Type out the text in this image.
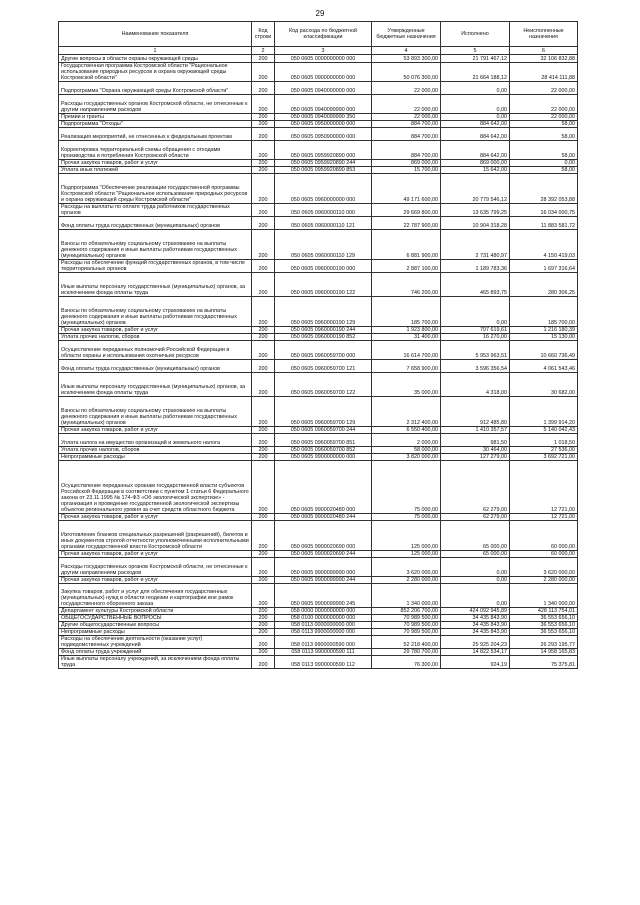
29
Наименование показателя	Код строки	Код расхода по бюджетной классификации	Утвержденные бюджетные назначения	Исполнено	Неисполненные назначения
1	2	3	4	5	6
Другие вопросы в области охраны окружающей среды	200	050 0605 0000000000 000	53 893 300,00	21 791 467,12	32 106 832,88
Государственная программа Костромской области "Рациональное использование природных ресурсов и охрана окружающей среды Костромской области"	200	050 0605 0900000000 000	50 076 300,00	21 664 188,12	28 414 111,88
Подпрограмма "Охрана окружающей среды Костромской области"	200	050 0605 0940000000 000	22 000,00	0,00	22 000,00
Расходы государственных органов Костромской области, не отнесенные к другим направлениям расходов	200	050 0605 0940099990 000	22 000,00	0,00	22 000,00
Премии и гранты	200	050 0605 0940099990 350	22 000,00	0,00	22 000,00
Подпрограмма "Отходы"	200	050 0605 0950000000 000	884 700,00	884 642,00	58,00
Реализация мероприятий, не отнесенных к федеральным проектам	200	050 0605 0950900000 000	884 700,00	884 642,00	58,00
Корректировка территориальной схемы обращения с отходами производства и потребления Костромской области	200	050 0605 0959920890 000	884 700,00	884 642,00	58,00
Прочая закупка товаров, работ и услуг	200	050 0605 0959920890 244	869 000,00	869 000,00	0,00
Уплата иных платежей	200	050 0605 0959920890 853	15 700,00	15 642,00	58,00
Подпрограмма "Обеспечение реализации государственной программы Костромской области "Рациональное использование природных ресурсов и охрана окружающей среды Костромской области"	200	050 0605 0960000000 000	49 171 600,00	20 779 546,12	28 392 053,88
Расходы на выплаты по оплате труда работников государственных органов	200	050 0605 0960000110 000	29 669 800,00	13 635 799,25	16 034 000,75
Фонд оплаты труда государственных (муниципальных) органов	200	050 0605 0960000110 121	22 787 900,00	10 904 318,28	11 883 581,72
Взносы по обязательному социальному страхованию на выплаты денежного содержания и иные выплаты работникам государственных (муниципальных) органов	200	050 0605 0960000110 129	6 881 900,00	2 731 480,97	4 150 419,03
Расходы на обеспечение функций государственных органов, в том числе территориальных органов	200	050 0605 0960000190 000	2 887 100,00	1 189 783,36	1 697 316,64
Иные выплаты персоналу государственных (муниципальных) органов, за исключением фонда оплаты труда	200	050 0605 0960000190 122	746 200,00	465 893,75	280 306,25
Взносы по обязательному социальному страхованию на выплаты денежного содержания и иные выплаты работникам государственных (муниципальных) органов	200	050 0605 0960000190 129	185 700,00	0,00	185 700,00
Прочая закупка товаров, работ и услуг	200	050 0605 0960000190 244	1 923 800,00	707 619,61	1 216 180,39
Уплата прочих налогов, сборов	200	050 0605 0960000190 852	31 400,00	16 270,00	15 130,00
Осуществление переданных полномочий Российской Федерации в области охраны и использования охотничьих ресурсов	200	050 0605 0960059700 000	16 614 700,00	5 953 963,51	10 660 736,49
Фонд оплаты труда государственных (муниципальных) органов	200	050 0605 0960059700 121	7 658 900,00	3 596 356,54	4 061 543,46
Иные выплаты персоналу государственных (муниципальных) органов, за исключением фонда оплаты труда	200	050 0605 0960059700 122	35 000,00	4 318,00	30 682,00
Взносы по обязательному социальному страхованию на выплаты денежного содержания и иные выплаты работникам государственных (муниципальных) органов	200	050 0605 0960059700 129	2 312 400,00	912 485,80	1 399 914,20
Прочая закупка товаров, работ и услуг	200	050 0605 0960059700 244	6 550 400,00	1 410 357,57	5 140 042,43
Уплата налога на имущество организаций и земельного налога	200	050 0605 0960059700 851	2 000,00	981,50	1 018,50
Уплата прочих налогов, сборов	200	050 0605 0960059700 852	58 000,00	30 464,00	27 536,00
Непрограммные расходы	200	050 0605 9900000000 000	3 820 000,00	127 279,00	3 692 721,00
Осуществление переданных органам государственной власти субъектов Российской Федерации в соответствии с пунктом 1 статьи 6 Федерального закона от 23.11.1995 № 174-ФЗ «Об экологической экспертизе» - организация и проведение государственной экологической экспертизы объектов регионального уровня за счет средств областного бюджета	200	050 0605 9900020480 000	75 000,00	62 279,00	12 721,00
Прочая закупка товаров, работ и услуг	200	050 0605 9900020480 244	75 000,00	62 279,00	12 721,00
Изготовление бланков специальных разрешений (разрешений), билетов и иных документов строгой отчетности уполномоченными исполнительными органами государственной власти Костромской области	200	050 0605 9900020690 000	125 000,00	65 000,00	60 000,00
Прочая закупка товаров, работ и услуг	200	050 0605 9900020690 244	125 000,00	65 000,00	60 000,00
Расходы государственных органов Костромской области, не отнесенные к другим направлениям расходов	200	050 0605 9900099990 000	3 620 000,00	0,00	3 620 000,00
Прочая закупка товаров, работ и услуг	200	050 0605 9900099990 244	2 280 000,00	0,00	2 280 000,00
Закупка товаров, работ и услуг для обеспечения государственных (муниципальных) нужд в области геодезии и картографии вне рамок государственного оборонного заказа	200	050 0605 9900099990 245	1 340 000,00	0,00	1 340 000,00
Департамент культуры Костромской области	200	058 0000 0000000000 000	852 206 700,00	424 092 945,89	428 113 754,01
ОБЩЕГОСУДАРСТВЕННЫЕ ВОПРОСЫ	200	058 0100 0000000000 000	70 989 500,00	34 435 843,90	36 553 656,10
Другие общегосударственные вопросы	200	058 0113 0000000000 000	70 989 500,00	34 435 843,90	36 553 656,10
Непрограммные расходы	200	058 0113 9900000000 000	70 989 500,00	34 435 843,90	36 553 656,10
Расходы на обеспечение деятельности (оказание услуг) подведомственных учреждений	200	058 0113 9900000590 000	52 218 400,00	25 925 204,23	26 293 195,77
Фонд оплаты труда учреждений	200	058 0113 9900000590 111	29 780 700,00	14 822 534,17	14 958 165,83
Иные выплаты персоналу учреждений, за исключением фонда оплаты труда	200	058 0113 9900000590 112	76 300,00	924,19	75 375,81
